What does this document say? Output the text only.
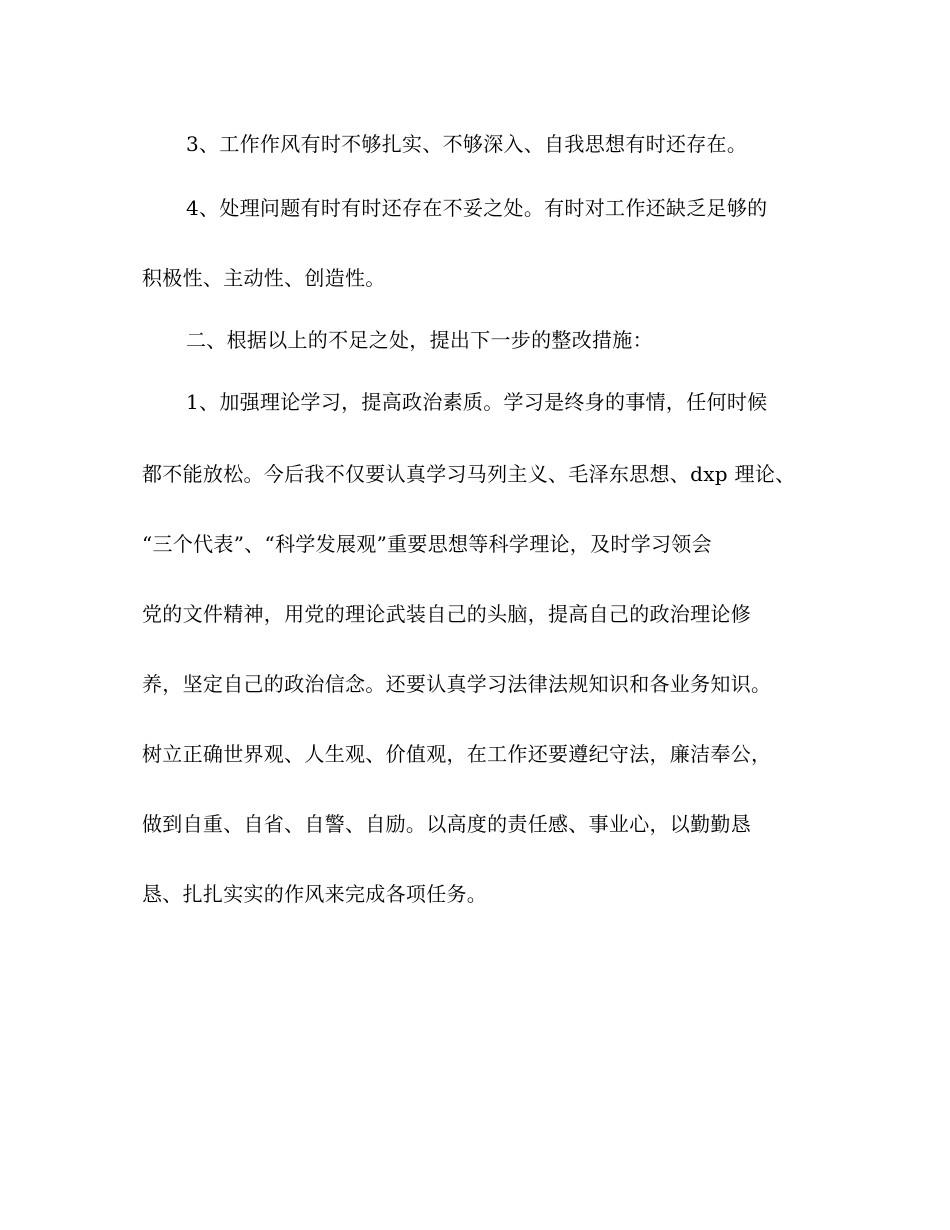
3、工作作风有时不够扎实、不够深入、自我思想有时还存在。
4、处理问题有时有时还存在不妥之处。有时对工作还缺乏足够的
积极性、主动性、创造性。
二、根据以上的不足之处，提出下一步的整改措施：
1、加强理论学习，提高政治素质。学习是终身的事情，任何时候
都不能放松。今后我不仅要认真学习马列主义、毛泽东思想、dxp 理论、
“三个代表”、“科学发展观”重要思想等科学理论，及时学习领会
党的文件精神，用党的理论武装自己的头脑，提高自己的政治理论修
养，坚定自己的政治信念。还要认真学习法律法规知识和各业务知识。
树立正确世界观、人生观、价值观，在工作还要遵纪守法，廉洁奉公，
做到自重、自省、自警、自励。以高度的责任感、事业心，以勤勤恳
恳、扎扎实实的作风来完成各项任务。
